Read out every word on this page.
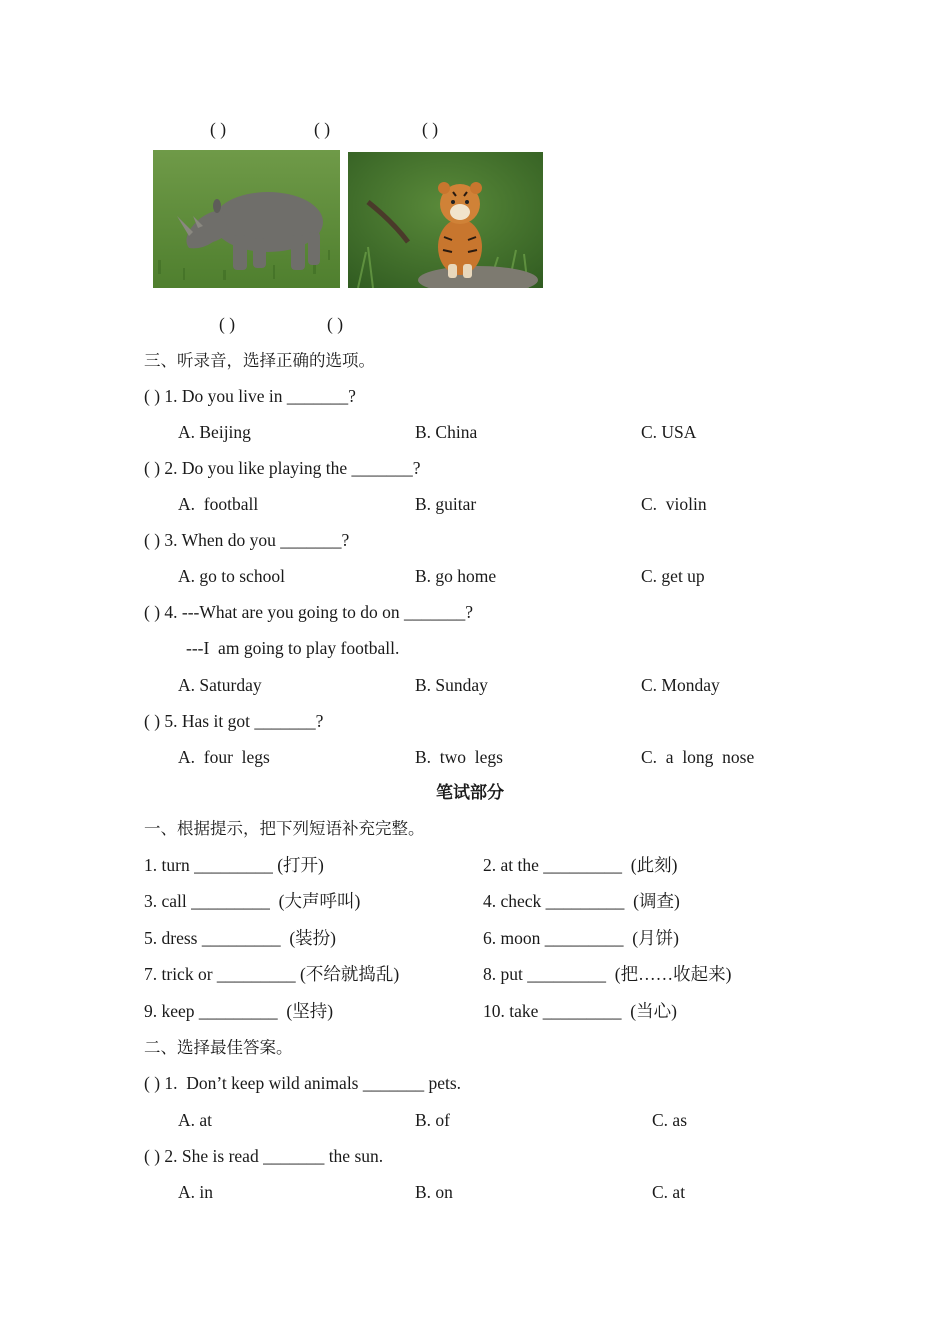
( )	( )	( )
( )	( )
三、听录音，选择正确的选项。
( ) 1. Do you live in _______?
A. Beijing	B. China	C. USA
( ) 2. Do you like playing the _______?
A.  football	B. guitar	C.  violin
( ) 3. When do you _______?
A. go to school	B. go home	C. get up
( ) 4. ---What are you going to do on _______?
---I  am going to play football.
A. Saturday	B. Sunday	C. Monday
( ) 5. Has it got _______?
A.  four  legs	B.  two  legs	C.  a  long  nose
笔试部分
一、根据提示，把下列短语补充完整。
1. turn _________ (打开)	2. at the _________  (此刻)
3. call _________  (大声呼叫)	4. check _________  (调查)
5. dress _________  (装扮)	6. moon _________  (月饼)
7. trick or _________ (不给就捣乱)	8. put _________  (把……收起来)
9. keep _________  (坚持)	10. take _________  (当心)
二、选择最佳答案。
( ) 1.  Don’t keep wild animals _______ pets.
A. at	B. of	C. as
( ) 2. She is read _______ the sun.
A. in	B. on	C. at
